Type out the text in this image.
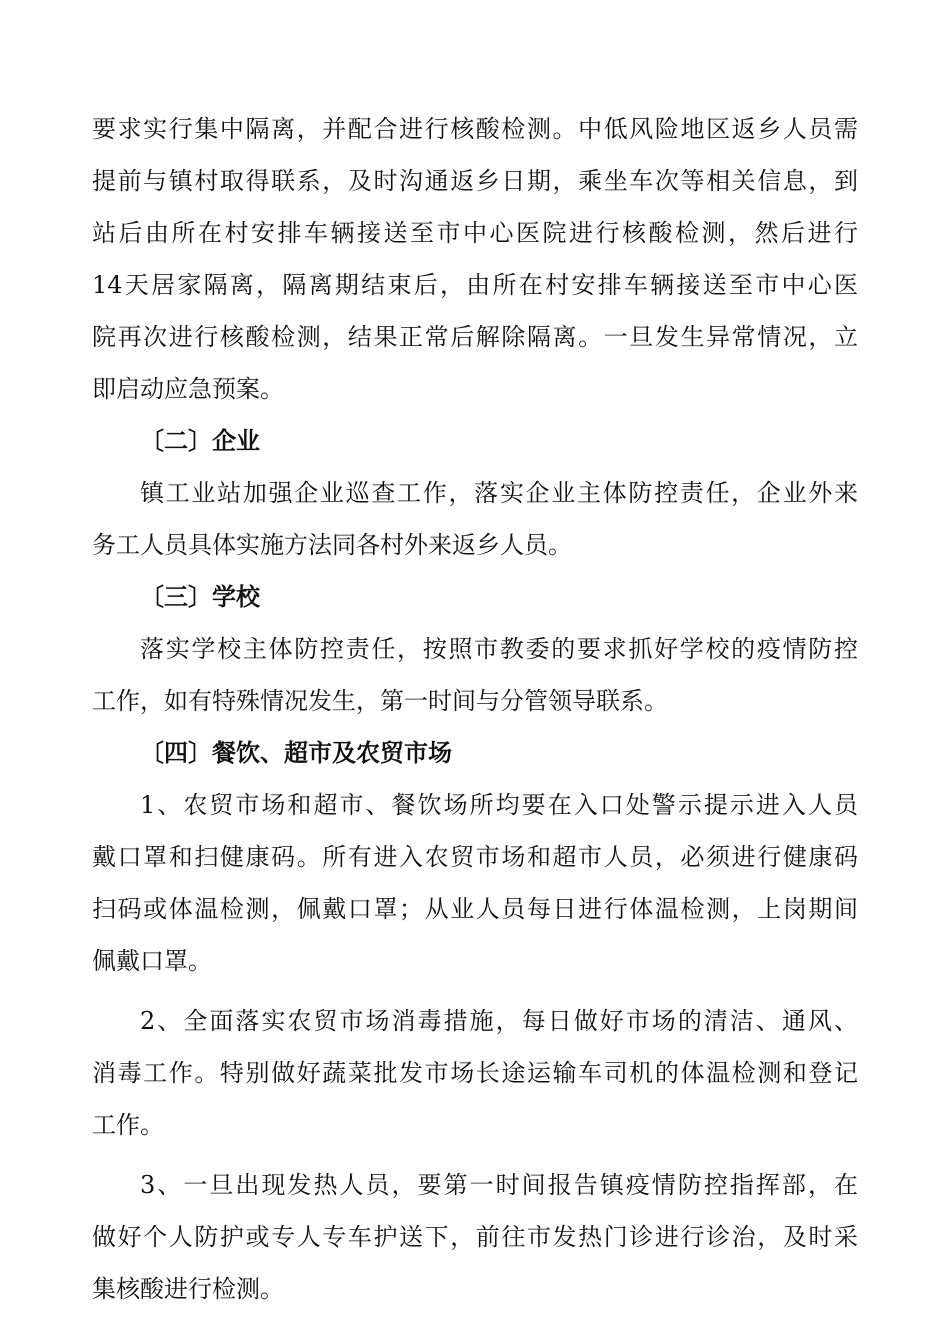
要求实行集中隔离，并配合进行核酸检测。中低风险地区返乡人员需
提前与镇村取得联系，及时沟通返乡日期，乘坐车次等相关信息，到
站后由所在村安排车辆接送至市中心医院进行核酸检测，然后进行
14天居家隔离，隔离期结束后，由所在村安排车辆接送至市中心医
院再次进行核酸检测，结果正常后解除隔离。一旦发生异常情况，立
即启动应急预案。
〔二〕企业
镇工业站加强企业巡查工作，落实企业主体防控责任，企业外来
务工人员具体实施方法同各村外来返乡人员。
〔三〕学校
落实学校主体防控责任，按照市教委的要求抓好学校的疫情防控
工作，如有特殊情况发生，第一时间与分管领导联系。
〔四〕餐饮、超市及农贸市场
1、农贸市场和超市、餐饮场所均要在入口处警示提示进入人员
戴口罩和扫健康码。所有进入农贸市场和超市人员，必须进行健康码
扫码或体温检测，佩戴口罩；从业人员每日进行体温检测，上岗期间
佩戴口罩。
2、全面落实农贸市场消毒措施，每日做好市场的清洁、通风、
消毒工作。特别做好蔬菜批发市场长途运输车司机的体温检测和登记
工作。
3、一旦出现发热人员，要第一时间报告镇疫情防控指挥部，在
做好个人防护或专人专车护送下，前往市发热门诊进行诊治，及时采
集核酸进行检测。
